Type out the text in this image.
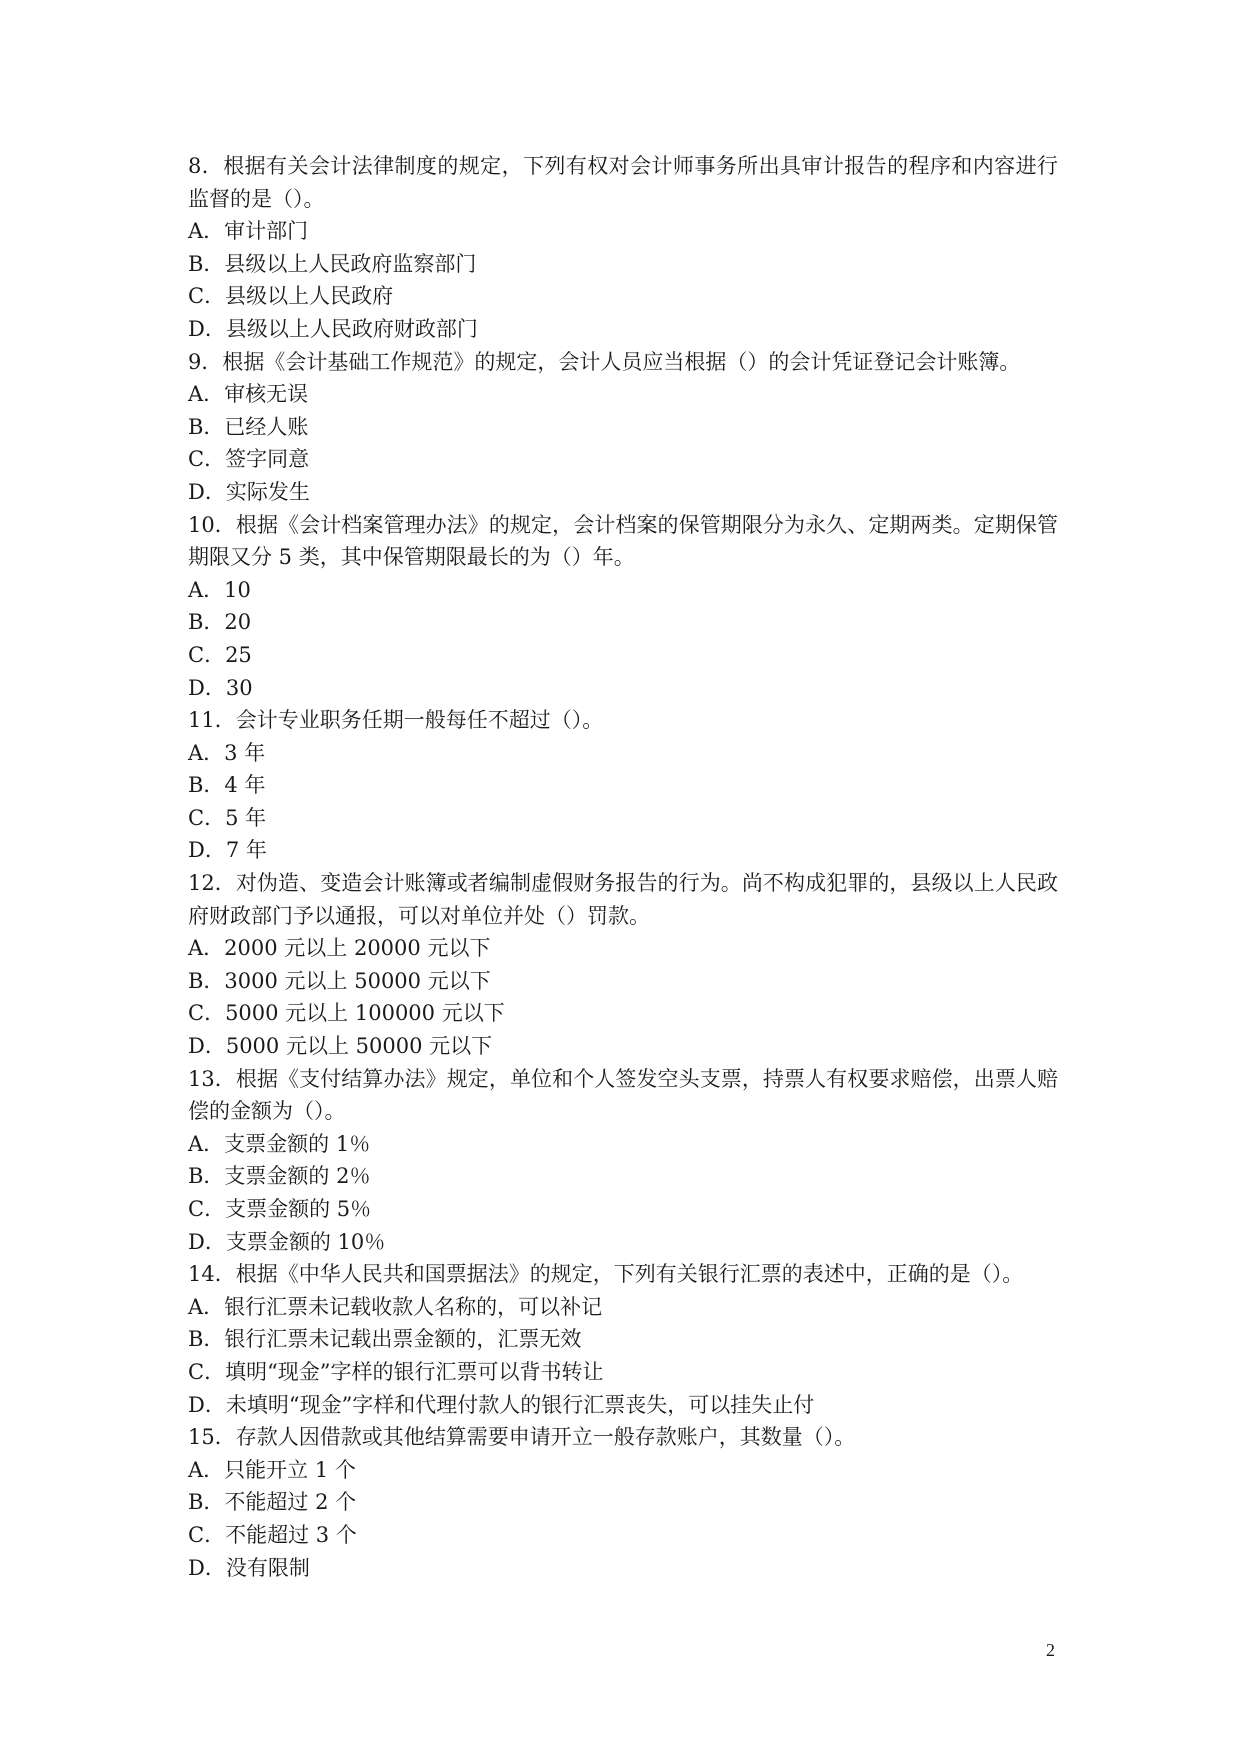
8．根据有关会计法律制度的规定，下列有权对会计师事务所出具审计报告的程序和内容进行监督的是（）。

A．审计部门

B．县级以上人民政府监察部门

C．县级以上人民政府

D．县级以上人民政府财政部门

9．根据《会计基础工作规范》的规定，会计人员应当根据（）的会计凭证登记会计账簿。

A．审核无误

B．已经人账

C．签字同意

D．实际发生

10．根据《会计档案管理办法》的规定，会计档案的保管期限分为永久、定期两类。定期保管期限又分 5 类，其中保管期限最长的为（）年。

A．10

B．20

C．25

D．30

11．会计专业职务任期一般每任不超过（）。

A．3 年

B．4 年

C．5 年

D．7 年

12．对伪造、变造会计账簿或者编制虚假财务报告的行为。尚不构成犯罪的，县级以上人民政府财政部门予以通报，可以对单位并处（）罚款。

A．2000 元以上 20000 元以下

B．3000 元以上 50000 元以下

C．5000 元以上 100000 元以下

D．5000 元以上 50000 元以下

13．根据《支付结算办法》规定，单位和个人签发空头支票，持票人有权要求赔偿，出票人赔偿的金额为（）。

A．支票金额的 1％

B．支票金额的 2％

C．支票金额的 5％

D．支票金额的 10％

14．根据《中华人民共和国票据法》的规定，下列有关银行汇票的表述中，正确的是（）。

A．银行汇票未记载收款人名称的，可以补记

B．银行汇票未记载出票金额的，汇票无效

C．填明“现金”字样的银行汇票可以背书转让

D．未填明“现金”字样和代理付款人的银行汇票丧失，可以挂失止付

15．存款人因借款或其他结算需要申请开立一般存款账户，其数量（）。

A．只能开立 1 个

B．不能超过 2 个

C．不能超过 3 个

D．没有限制

2
